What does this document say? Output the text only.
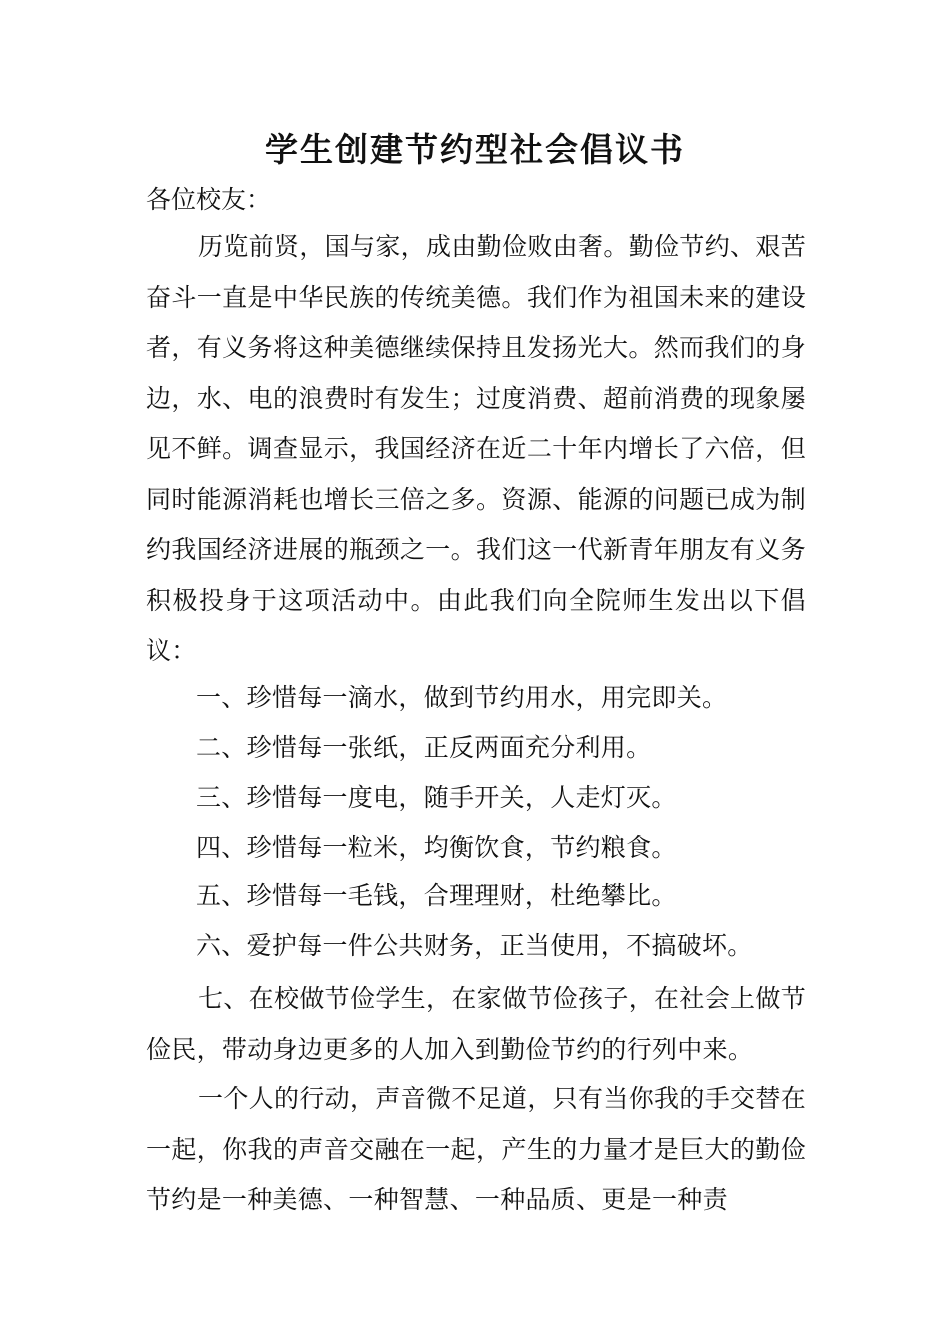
学生创建节约型社会倡议书
各位校友：
历览前贤，国与家，成由勤俭败由奢。勤俭节约、艰苦奋斗一直是中华民族的传统美德。我们作为祖国未来的建设者，有义务将这种美德继续保持且发扬光大。然而我们的身边，水、电的浪费时有发生；过度消费、超前消费的现象屡见不鲜。调查显示，我国经济在近二十年内增长了六倍，但同时能源消耗也增长三倍之多。资源、能源的问题已成为制约我国经济进展的瓶颈之一。我们这一代新青年朋友有义务积极投身于这项活动中。由此我们向全院师生发出以下倡议：
一、珍惜每一滴水，做到节约用水，用完即关。
二、珍惜每一张纸，正反两面充分利用。
三、珍惜每一度电，随手开关，人走灯灭。
四、珍惜每一粒米，均衡饮食，节约粮食。
五、珍惜每一毛钱，合理理财，杜绝攀比。
六、爱护每一件公共财务，正当使用，不搞破坏。
七、在校做节俭学生，在家做节俭孩子，在社会上做节俭民，带动身边更多的人加入到勤俭节约的行列中来。
一个人的行动，声音微不足道，只有当你我的手交替在一起，你我的声音交融在一起，产生的力量才是巨大的勤俭节约是一种美德、一种智慧、一种品质、更是一种责
